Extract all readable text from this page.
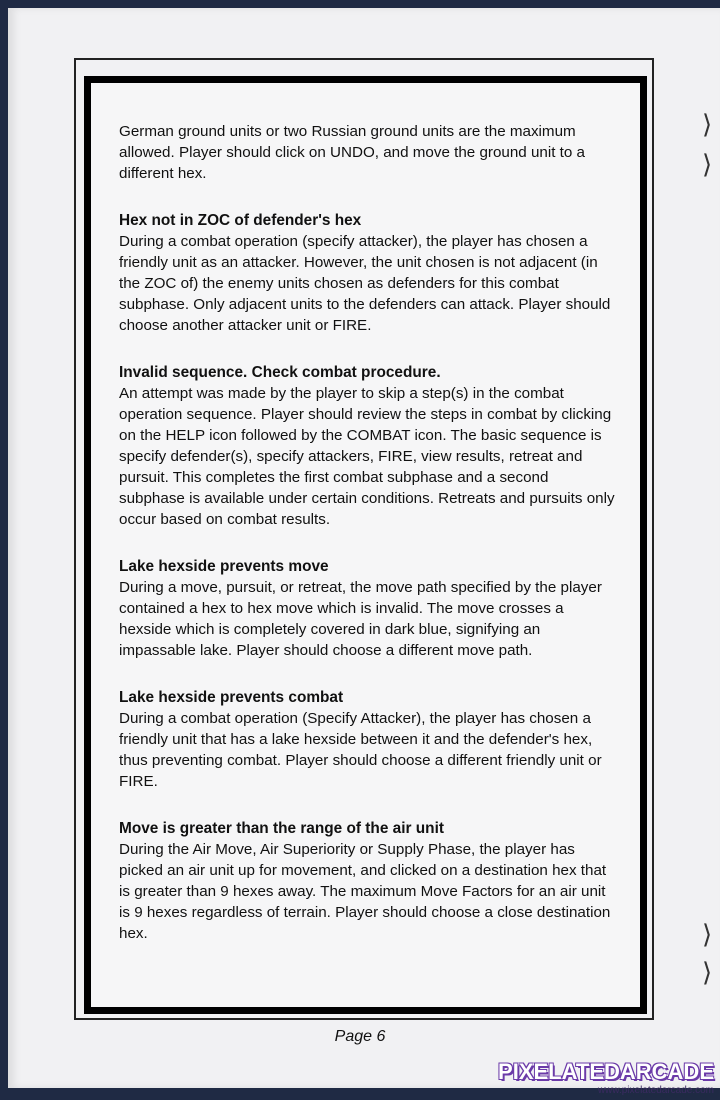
⟩
⟩
⟩
⟩
German ground units or two Russian ground units are the maximum allowed. Player should click on UNDO, and move the ground unit to a different hex.
Hex not in ZOC of defender's hex
During a combat operation (specify attacker), the player has chosen a friendly unit as an attacker. However, the unit chosen is not adjacent (in the ZOC of) the enemy units chosen as defenders for this combat subphase. Only adjacent units to the defenders can attack. Player should choose another attacker unit or FIRE.
Invalid sequence. Check combat procedure.
An attempt was made by the player to skip a step(s) in the combat operation sequence. Player should review the steps in combat by clicking on the HELP icon followed by the COMBAT icon. The basic sequence is specify defender(s), specify attackers, FIRE, view results, retreat and pursuit. This completes the first combat subphase and a second subphase is available under certain conditions. Retreats and pursuits only occur based on combat results.
Lake hexside prevents move
During a move, pursuit, or retreat, the move path specified by the player contained a hex to hex move which is invalid. The move crosses a hexside which is completely covered in dark blue, signifying an impassable lake. Player should choose a different move path.
Lake hexside prevents combat
During a combat operation (Specify Attacker), the player has chosen a friendly unit that has a lake hexside between it and the defender's hex, thus preventing combat. Player should choose a different friendly unit or FIRE.
Move is greater than the range of the air unit
During the Air Move, Air Superiority or Supply Phase, the player has picked an air unit up for movement, and clicked on a destination hex that is greater than 9 hexes away. The maximum Move Factors for an air unit is 9 hexes regardless of terrain. Player should choose a close destination hex.
Page 6
PIXELATEDARCADE
www.pixelatedarcade.com
